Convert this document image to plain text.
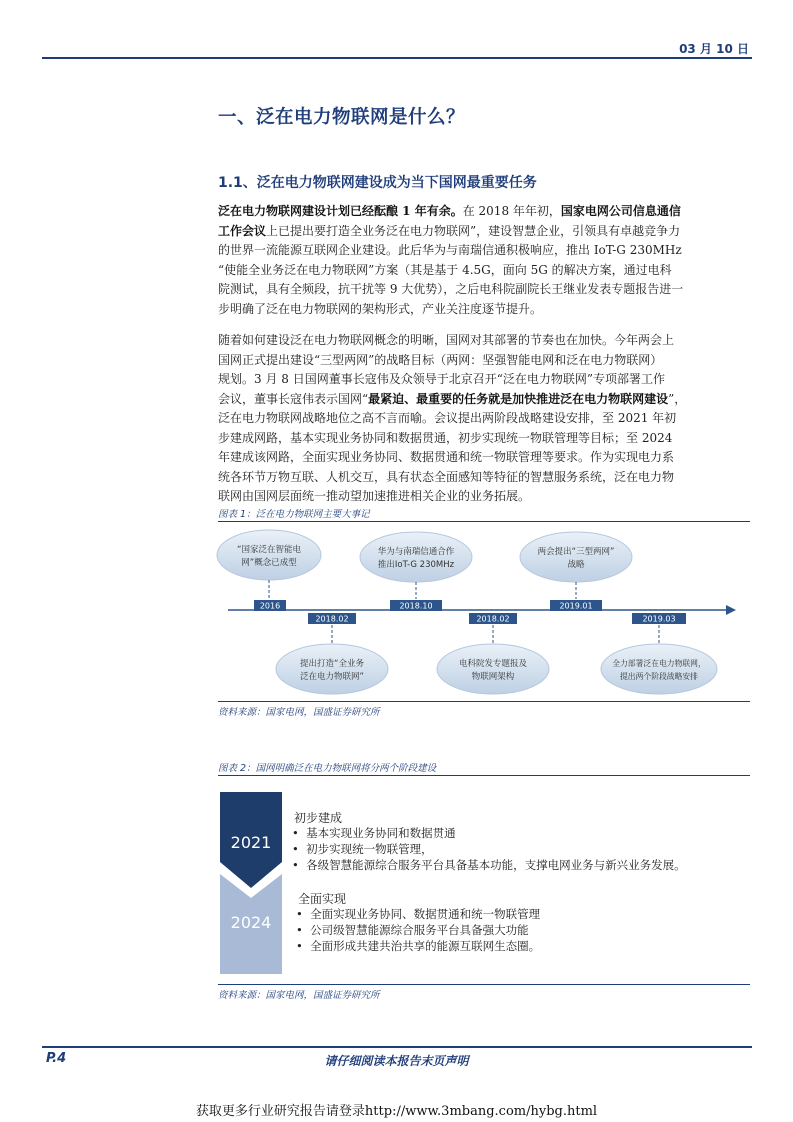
03 月 10 日
一、泛在电力物联网是什么？
1.1、泛在电力物联网建设成为当下国网最重要任务
泛在电力物联网建设计划已经酝酿 1 年有余。在 2018 年年初，国家电网公司信息通信
工作会议上已提出要打造全业务泛在电力物联网”，建设智慧企业，引领具有卓越竞争力
的世界一流能源互联网企业建设。此后华为与南瑞信通积极响应，推出 IoT-G 230MHz
“使能全业务泛在电力物联网”方案（其是基于 4.5G，面向 5G 的解决方案，通过电科
院测试，具有全频段，抗干扰等 9 大优势），之后电科院副院长王继业发表专题报告进一
步明确了泛在电力物联网的架构形式，产业关注度逐节提升。
随着如何建设泛在电力物联网概念的明晰，国网对其部署的节奏也在加快。今年两会上
国网正式提出建设“三型两网”的战略目标（两网：坚强智能电网和泛在电力物联网）
规划。3 月 8 日国网董事长寇伟及众领导于北京召开“泛在电力物联网”专项部署工作
会议，董事长寇伟表示国网“最紧迫、最重要的任务就是加快推进泛在电力物联网建设”，
泛在电力物联网战略地位之高不言而喻。会议提出两阶段战略建设安排，至 2021 年初
步建成网路，基本实现业务协同和数据贯通，初步实现统一物联管理等目标；至 2024
年建成该网路，全面实现业务协同、数据贯通和统一物联管理等要求。作为实现电力系
统各环节万物互联、人机交互，具有状态全面感知等特征的智慧服务系统，泛在电力物
联网由国网层面统一推动望加速推进相关企业的业务拓展。
图表 1：泛在电力物联网主要大事记
2016
“国家泛在智能电
网”概念已成型
2018.10
华为与南瑞信通合作
推出IoT-G 230MHz
2019.01
两会提出“三型两网”
战略
2018.02
提出打造“全业务
泛在电力物联网”
2018.02
电科院发专题报及
物联网架构
2019.03
全力部署泛在电力物联网，
提出两个阶段战略安排
资料来源：国家电网，国盛证券研究所
图表 2：国网明确泛在电力物联网将分两个阶段建设
2021
2024
初步建成
•  基本实现业务协同和数据贯通
•  初步实现统一物联管理，
•  各级智慧能源综合服务平台具备基本功能，支撑电网业务与新兴业务发展。
全面实现
•  全面实现业务协同、数据贯通和统一物联管理
•  公司级智慧能源综合服务平台具备强大功能
•  全面形成共建共治共享的能源互联网生态圈。
资料来源：国家电网，国盛证券研究所
P.4	请仔细阅读本报告末页声明
获取更多行业研究报告请登录http://www.3mbang.com/hybg.html
